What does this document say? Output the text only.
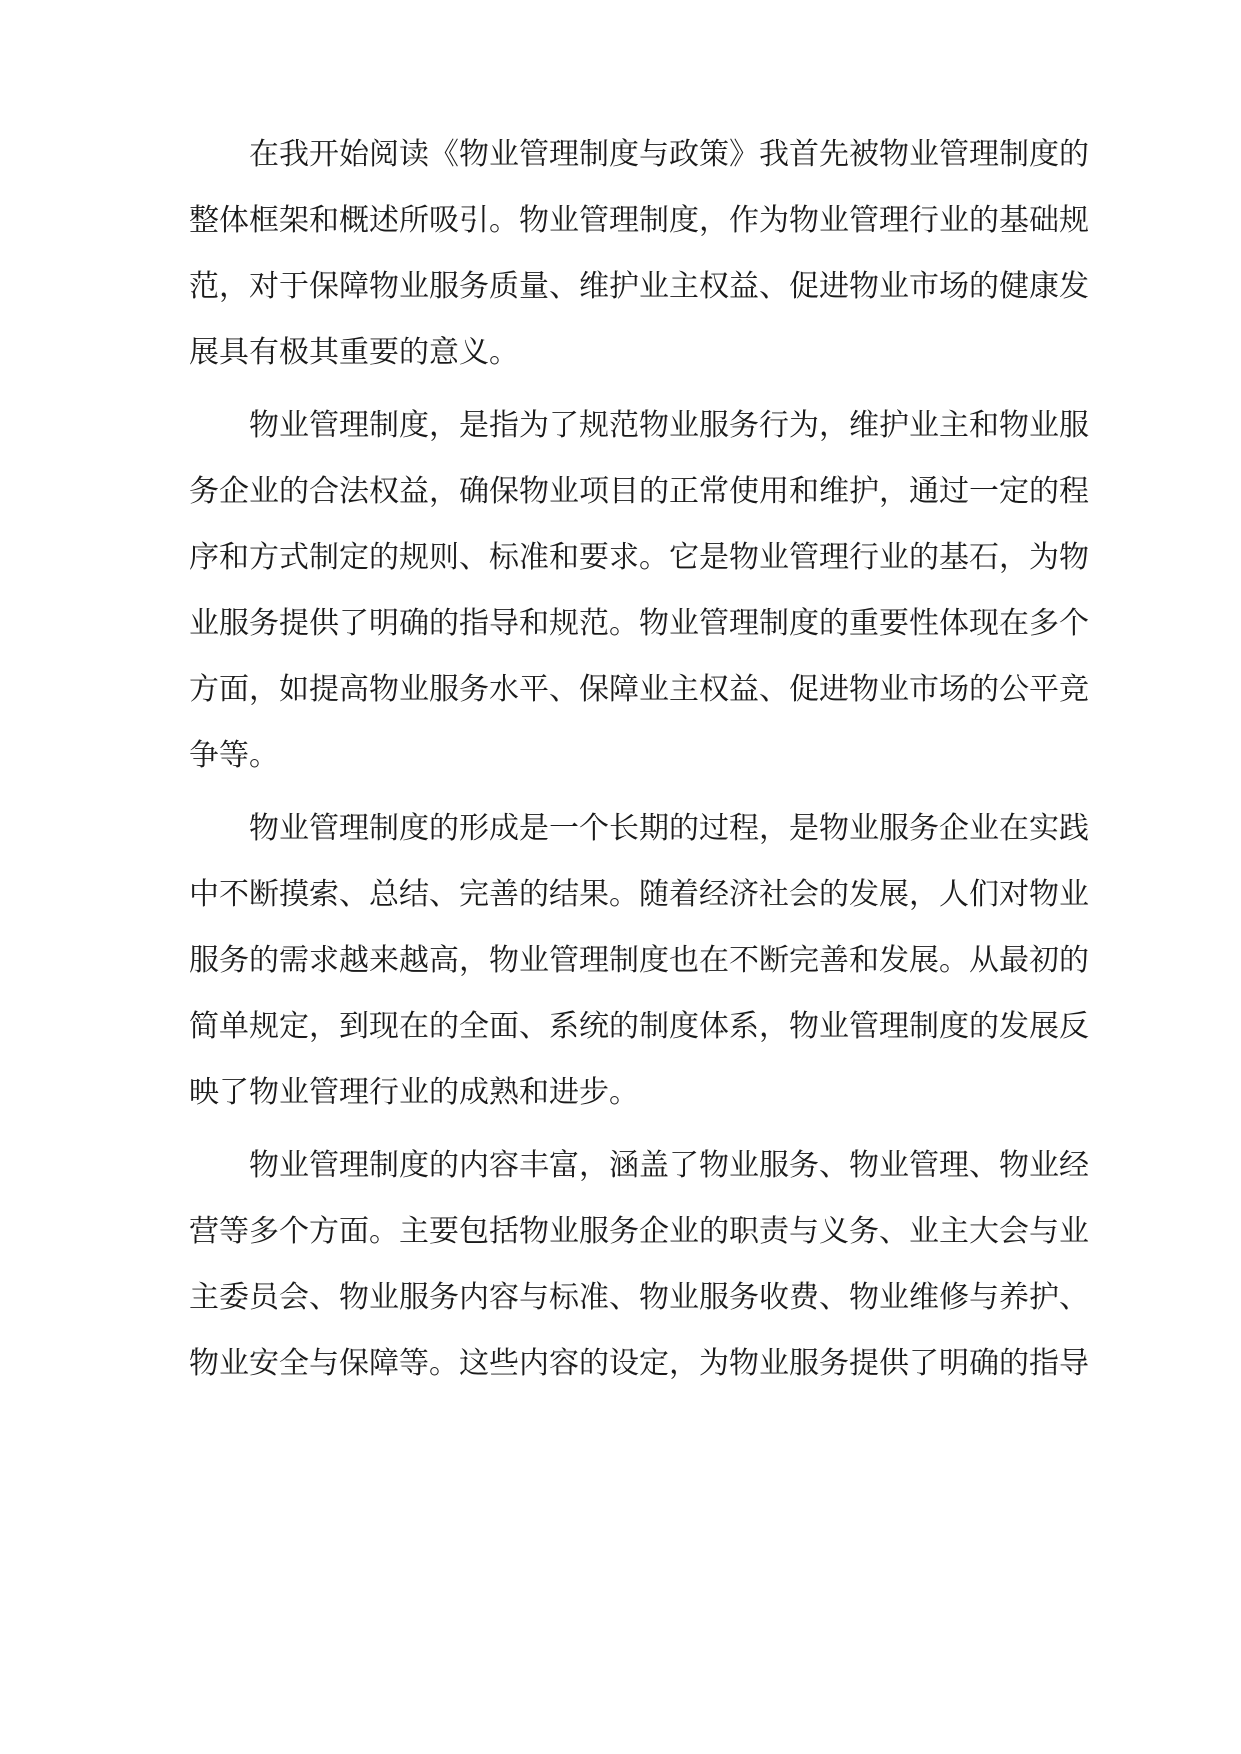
在我开始阅读《物业管理制度与政策》我首先被物业管理制度的
整体框架和概述所吸引。物业管理制度，作为物业管理行业的基础规
范，对于保障物业服务质量、维护业主权益、促进物业市场的健康发
展具有极其重要的意义。
物业管理制度，是指为了规范物业服务行为，维护业主和物业服
务企业的合法权益，确保物业项目的正常使用和维护，通过一定的程
序和方式制定的规则、标准和要求。它是物业管理行业的基石，为物
业服务提供了明确的指导和规范。物业管理制度的重要性体现在多个
方面，如提高物业服务水平、保障业主权益、促进物业市场的公平竞
争等。
物业管理制度的形成是一个长期的过程，是物业服务企业在实践
中不断摸索、总结、完善的结果。随着经济社会的发展，人们对物业
服务的需求越来越高，物业管理制度也在不断完善和发展。从最初的
简单规定，到现在的全面、系统的制度体系，物业管理制度的发展反
映了物业管理行业的成熟和进步。
物业管理制度的内容丰富，涵盖了物业服务、物业管理、物业经
营等多个方面。主要包括物业服务企业的职责与义务、业主大会与业
主委员会、物业服务内容与标准、物业服务收费、物业维修与养护、
物业安全与保障等。这些内容的设定，为物业服务提供了明确的指导
